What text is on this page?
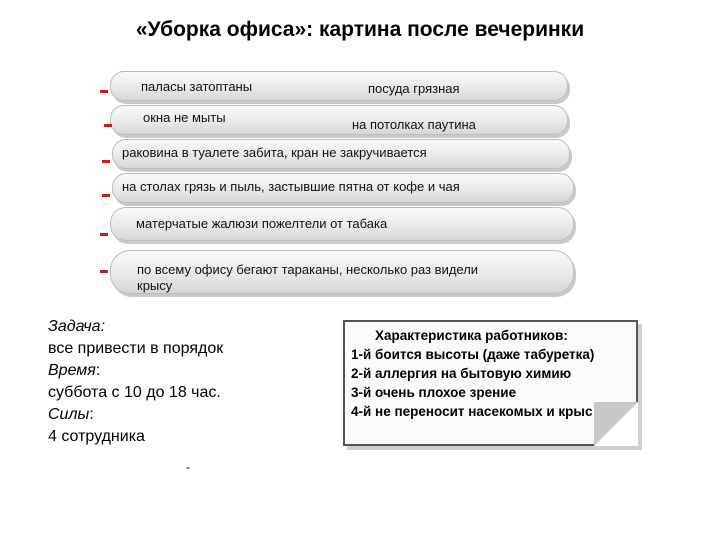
«Уборка офиса»: картина после вечеринки
паласы затоптаны	посуда грязная
окна не мыты	на потолках паутина
раковина в туалете забита, кран не закручивается
на столах грязь и пыль, застывшие пятна от кофе и чая
матерчатые жалюзи пожелтели от табака
по всему офису бегают тараканы, несколько раз видели
крысу
Задача:
все привести в порядок
Время:
суббота с 10 до 18 час.
Силы:
4 сотрудника
Характеристика работников:
1-й боится высоты (даже табуретка)
2-й аллергия на бытовую химию
3-й очень плохое зрение
4-й не переносит насекомых и крыс
-
